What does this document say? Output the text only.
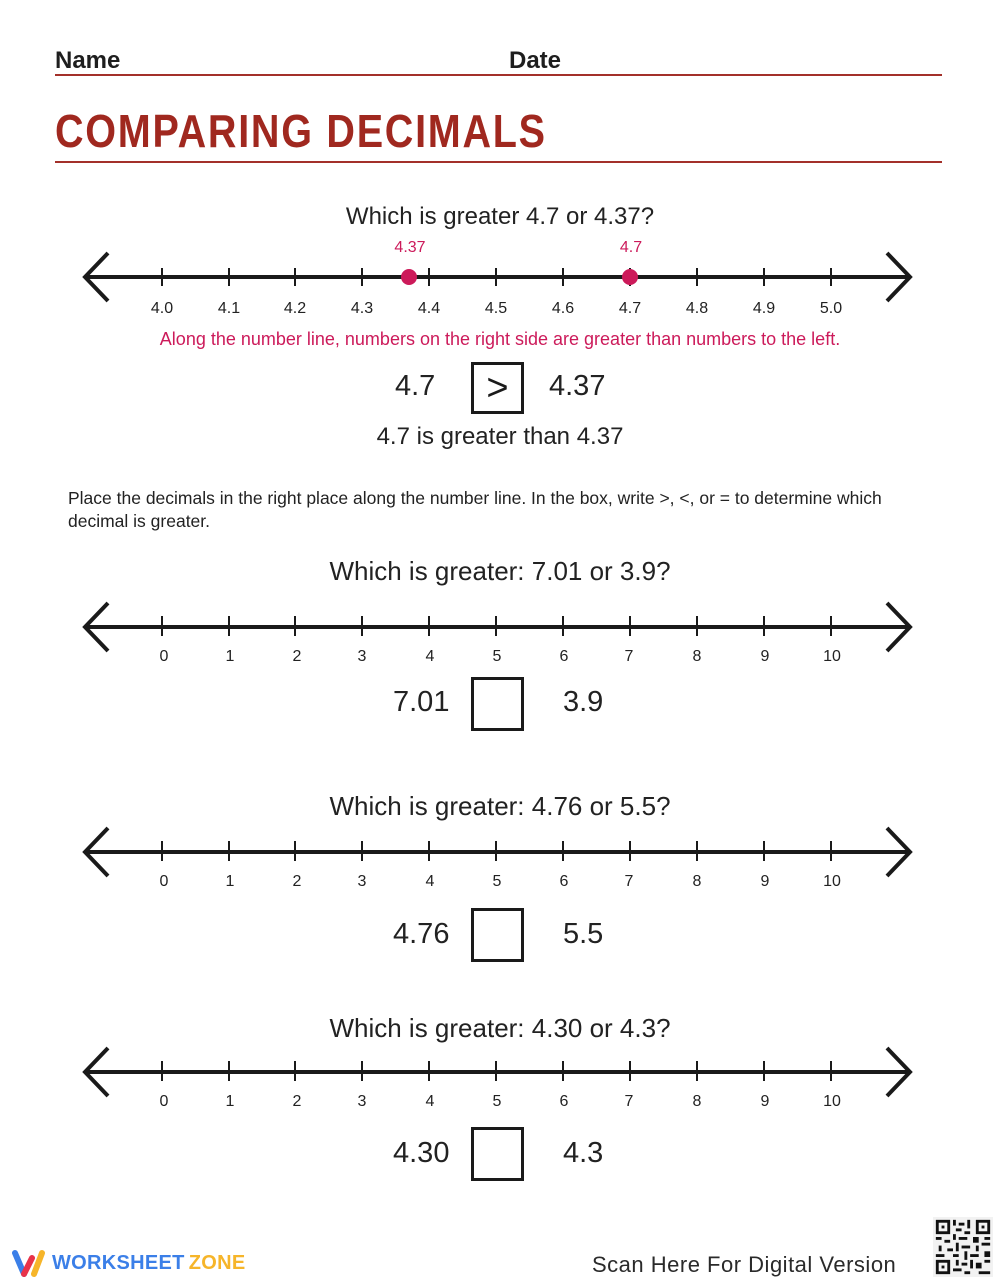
Name	Date
COMPARING DECIMALS
Which is greater 4.7 or 4.37?
4.37	4.7
4.0	4.1	4.2	4.3	4.4	4.5	4.6	4.7	4.8	4.9	5.0
Along the number line, numbers on the right side are greater than numbers to the left.
4.7	>	4.37
4.7 is greater than 4.37
Place the decimals in the right place along the number line. In the box, write >, <, or = to determine which decimal is greater.
Which is greater: 7.01 or 3.9?
0	1	2	3	4	5	6	7	8	9	10
7.01	3.9
Which is greater: 4.76 or 5.5?
0	1	2	3	4	5	6	7	8	9	10
4.76	5.5
Which is greater: 4.30 or 4.3?
0	1	2	3	4	5	6	7	8	9	10
4.30	4.3
WORKSHEET ZONE	Scan Here For Digital Version
